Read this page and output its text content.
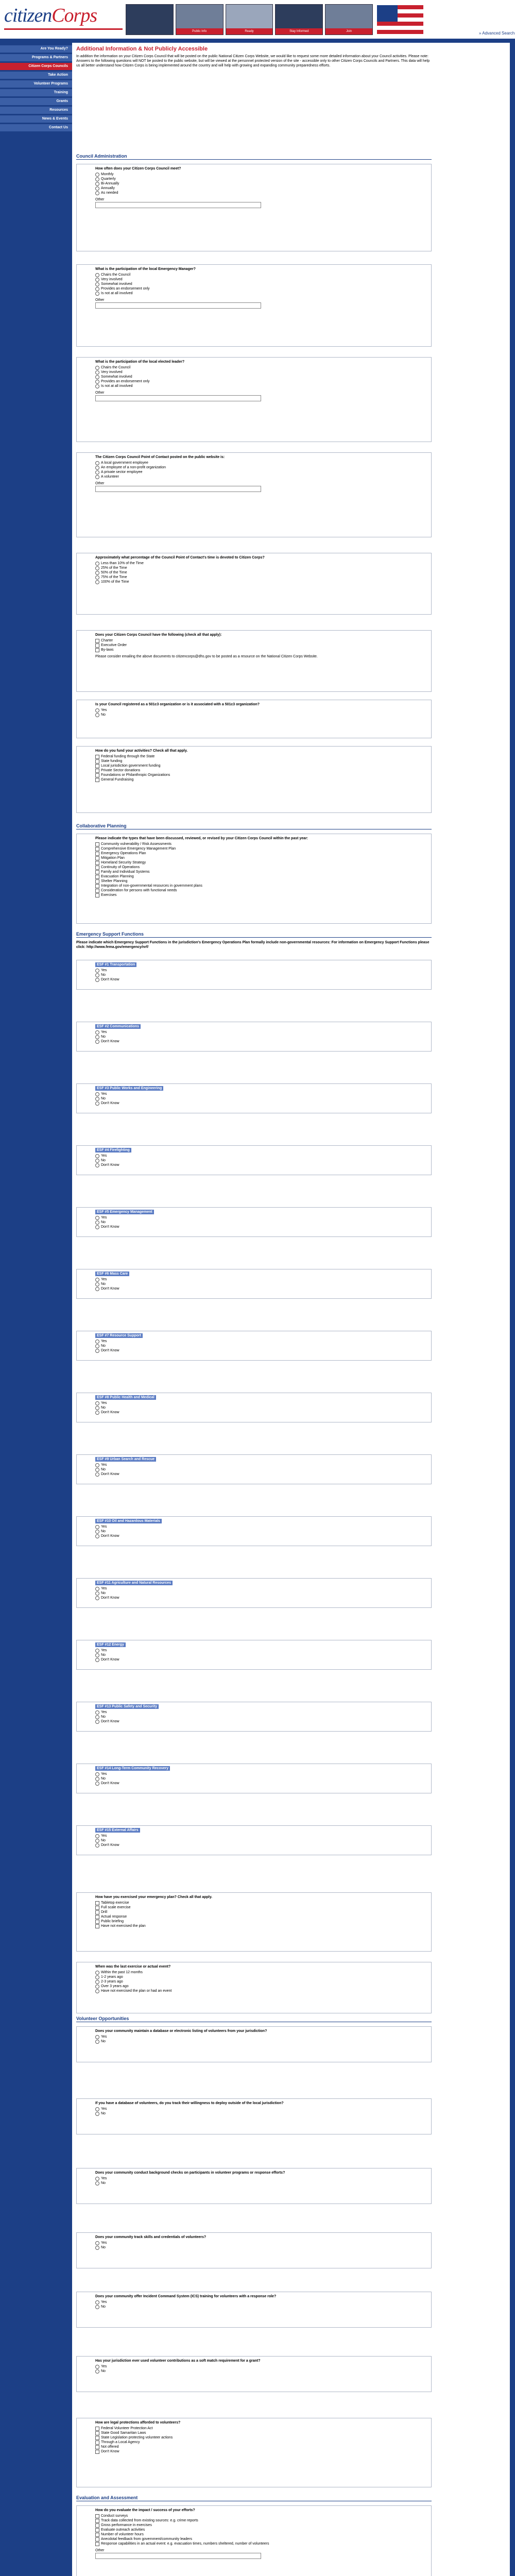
citizenCorps
Public Info	Ready	Stay Informed	Join	» Advanced Search
Are You Ready?
Programs & Partners
Citizen Corps Councils
Take Action
Volunteer Programs
Training
Grants
Resources
News & Events
Contact Us
Additional Information & Not Publicly Accessible
In addition the information on your Citizen Corps Council that will be posted on the public National Citizen Corps Website, we would like to request some more detailed information about your Council activities. Please note: Answers to the following questions will NOT be posted to the public website, but will be viewed at the personnel protected version of the site - accessible only to other Citizen Corps Councils and Partners. This data will help us all better understand how Citizen Corps is being implemented around the country and will help with growing and expanding community preparedness efforts.
Council Administration
How often does your Citizen Corps Council meet?
Monthly
Quarterly
Bi-Annually
Annually
As needed
Other
What is the participation of the local Emergency Manager?
Chairs the Council
Very involved
Somewhat involved
Provides an endorsement only
Is not at all involved
Other
What is the participation of the local elected leader?
Chairs the Council
Very involved
Somewhat involved
Provides an endorsement only
Is not at all involved
Other
The Citizen Corps Council Point of Contact posted on the public website is:
A local government employee
An employee of a non-profit organization
A private sector employee
A volunteer
Other
Approximately what percentage of the Council Point of Contact's time is devoted to Citizen Corps?
Less than 10% of the Time
25% of the Time
50% of the Time
75% of the Time
100% of the Time
Does your Citizen Corps Council have the following (check all that apply):
Charter
Executive Order
By-laws
Please consider emailing the above documents to citizencorps@dhs.gov to be posted as a resource on the National Citizen Corps Website.
Is your Council registered as a 501c3 organization or is it associated with a 501c3 organization?
Yes
No
How do you fund your activities? Check all that apply.
Federal funding through the State
State funding
Local jurisdiction government funding
Private Sector donations
Foundations or Philanthropic Organizations
General Fundraising
Collaborative Planning
Please indicate the types that have been discussed, reviewed, or revised by your Citizen Corps Council within the past year:
Community vulnerability / Risk Assessments
Comprehensive Emergency Management Plan
Emergency Operations Plan
Mitigation Plan
Homeland Security Strategy
Continuity of Operations
Family and Individual Systems
Evacuation Planning
Shelter Planning
Integration of non-governmental resources in government plans
Consideration for persons with functional needs
Exercises
Emergency Support Functions
Please indicate which Emergency Support Functions in the jurisdiction's Emergency Operations Plan formally include non-governmental resources: For information on Emergency Support Functions please click: http://www.fema.gov/emergency/nrf/
ESF #1 Transportation
Yes
No
Don't Know
ESF #2 Communications
Yes
No
Don't Know
ESF #3 Public Works and Engineering
Yes
No
Don't Know
ESF #4 Firefighting
Yes
No
Don't Know
ESF #5 Emergency Management
Yes
No
Don't Know
ESF #6 Mass Care
Yes
No
Don't Know
ESF #7 Resource Support
Yes
No
Don't Know
ESF #8 Public Health and Medical
Yes
No
Don't Know
ESF #9 Urban Search and Rescue
Yes
No
Don't Know
ESF #10 Oil and Hazardous Materials
Yes
No
Don't Know
ESF #11 Agriculture and Natural Resources
Yes
No
Don't Know
ESF #12 Energy
Yes
No
Don't Know
ESF #13 Public Safety and Security
Yes
No
Don't Know
ESF #14 Long-Term Community Recovery
Yes
No
Don't Know
ESF #15 External Affairs
Yes
No
Don't Know
How have you exercised your emergency plan? Check all that apply.
Tabletop exercise
Full scale exercise
Drill
Actual response
Public briefing
Have not exercised the plan
When was the last exercise or actual event?
Within the past 12 months
1-2 years ago
2-3 years ago
Over 3 years ago
Have not exercised the plan or had an event
Volunteer Opportunities
Does your community maintain a database or electronic listing of volunteers from your jurisdiction?
Yes
No
If you have a database of volunteers, do you track their willingness to deploy outside of the local jurisdiction?
Yes
No
Does your community conduct background checks on participants in volunteer programs or response efforts?
Yes
No
Does your community track skills and credentials of volunteers?
Yes
No
Does your community offer Incident Command System (ICS) training for volunteers with a response role?
Yes
No
Has your jurisdiction ever used volunteer contributions as a soft match requirement for a grant?
Yes
No
How are legal protections afforded to volunteers?
Federal Volunteer Protection Act
State Good Samaritan Laws
State Legislation protecting volunteer actions
Through a Local Agency
Not offered
Don't Know
Evaluation and Assessment
How do you evaluate the impact / success of your efforts?
Conduct surveys
Track data collected from existing sources: e.g. crime reports
Gross performance in exercises
Evaluate outreach activities
Number of volunteer hours
Anecdotal feedback from government/community leaders
Response capabilities in an actual event: e.g. evacuation times, numbers sheltered, number of volunteers
Other
